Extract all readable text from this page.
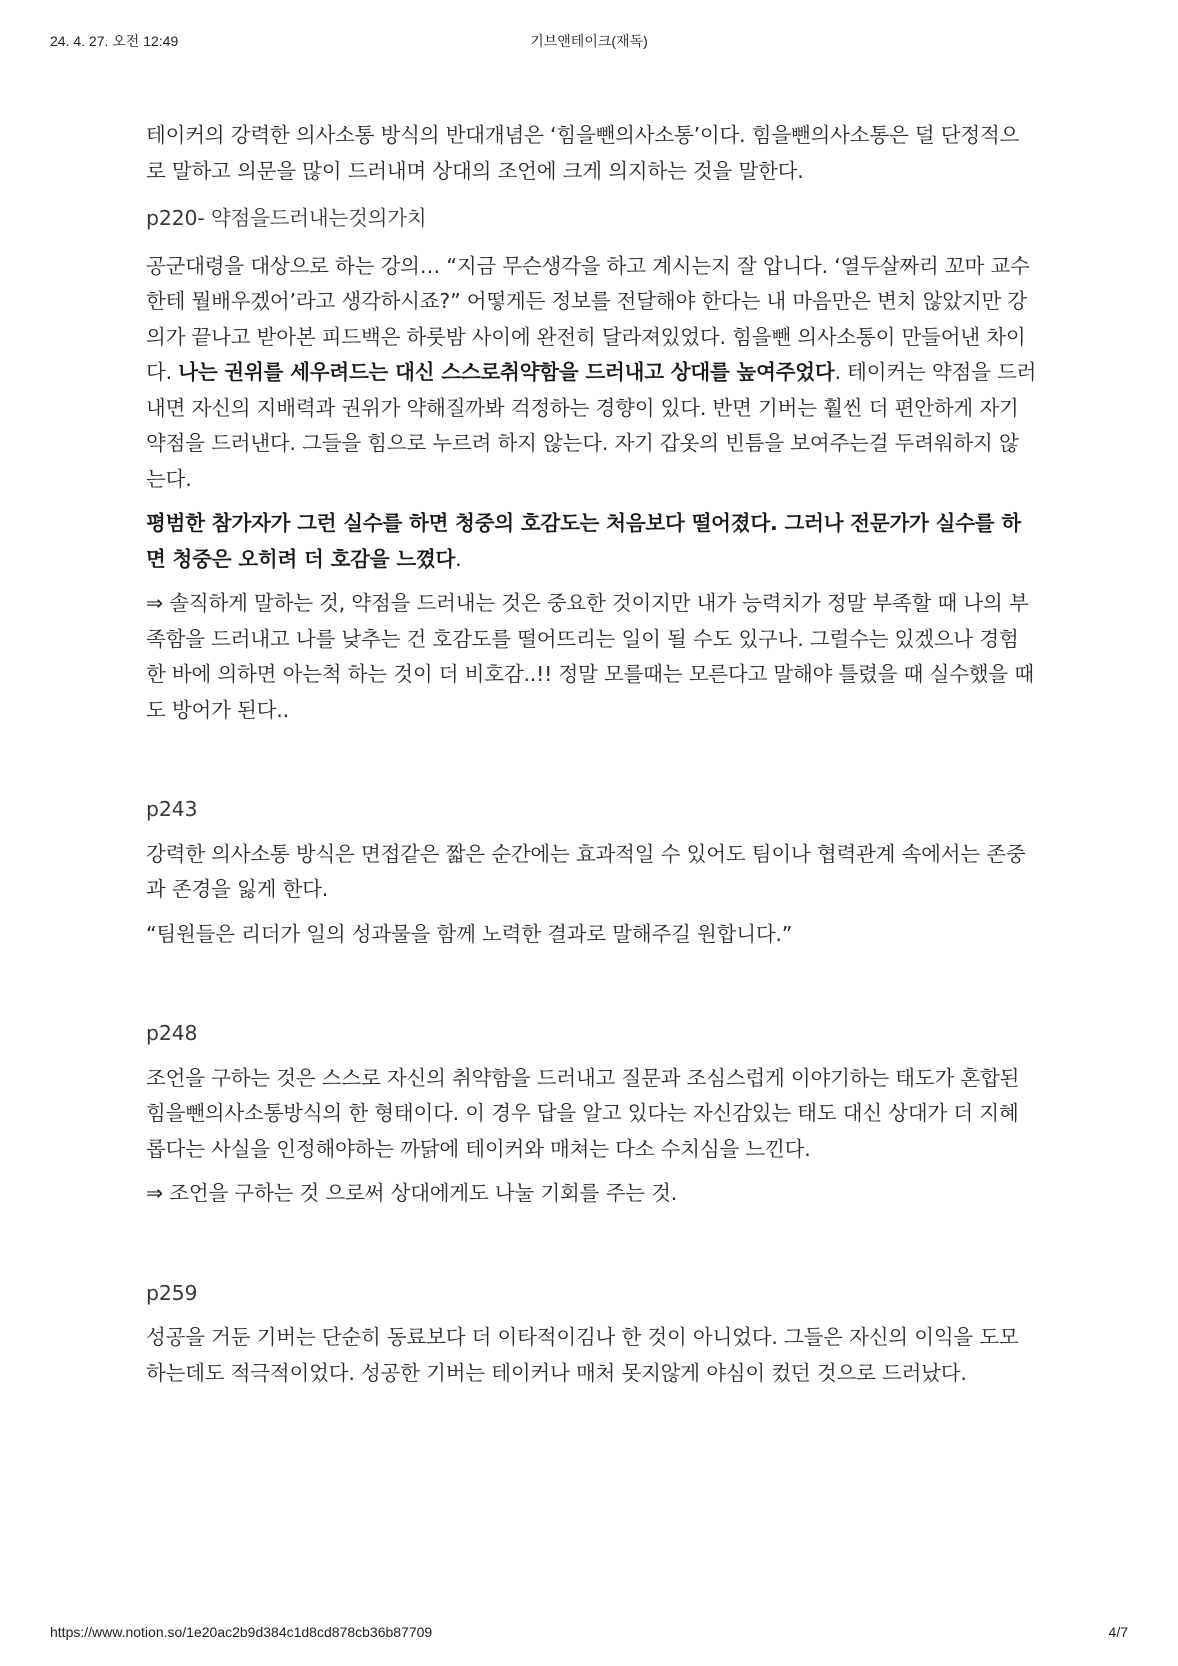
24. 4. 27. 오전 12:49	기브앤테이크(재독)

테이커의 강력한 의사소통 방식의 반대개념은 ‘힘을뺀의사소통’이다. 힘을뺀의사소통은 덜 단정적으로 말하고 의문을 많이 드러내며 상대의 조언에 크게 의지하는 것을 말한다.

p220- 약점을드러내는것의가치

공군대령을 대상으로 하는 강의… “지금 무슨생각을 하고 계시는지 잘 압니다. ‘열두살짜리 꼬마 교수한테 뭘배우겠어’라고 생각하시죠?” 어떻게든 정보를 전달해야 한다는 내 마음만은 변치 않았지만 강의가 끝나고 받아본 피드백은 하룻밤 사이에 완전히 달라져있었다. 힘을뺀 의사소통이 만들어낸 차이다. 나는 권위를 세우려드는 대신 스스로취약함을 드러내고 상대를 높여주었다. 테이커는 약점을 드러내면 자신의 지배력과 권위가 약해질까봐 걱정하는 경향이 있다. 반면 기버는 훨씬 더 편안하게 자기 약점을 드러낸다. 그들을 힘으로 누르려 하지 않는다. 자기 갑옷의 빈틈을 보여주는걸 두려워하지 않는다.

평범한 참가자가 그런 실수를 하면 청중의 호감도는 처음보다 떨어졌다. 그러나 전문가가 실수를 하면 청중은 오히려 더 호감을 느꼈다.

⇒ 솔직하게 말하는 것, 약점을 드러내는 것은 중요한 것이지만 내가 능력치가 정말 부족할 때 나의 부족함을 드러내고 나를 낮추는 건 호감도를 떨어뜨리는 일이 될 수도 있구나. 그럴수는 있겠으나 경험한 바에 의하면 아는척 하는 것이 더 비호감..!! 정말 모를때는 모른다고 말해야 틀렸을 때 실수했을 때도 방어가 된다..

p243

강력한 의사소통 방식은 면접같은 짧은 순간에는 효과적일 수 있어도 팀이나 협력관계 속에서는 존중과 존경을 잃게 한다.

“팀원들은 리더가 일의 성과물을 함께 노력한 결과로 말해주길 원합니다.”

p248

조언을 구하는 것은 스스로 자신의 취약함을 드러내고 질문과 조심스럽게 이야기하는 태도가 혼합된 힘을뺀의사소통방식의 한 형태이다. 이 경우 답을 알고 있다는 자신감있는 태도 대신 상대가 더 지혜롭다는 사실을 인정해야하는 까닭에 테이커와 매쳐는 다소 수치심을 느낀다.

⇒ 조언을 구하는 것 으로써 상대에게도 나눌 기회를 주는 것.

p259

성공을 거둔 기버는 단순히 동료보다 더 이타적이김나 한 것이 아니었다. 그들은 자신의 이익을 도모하는데도 적극적이었다. 성공한 기버는 테이커나 매처 못지않게 야심이 컸던 것으로 드러났다.

https://www.notion.so/1e20ac2b9d384c1d8cd878cb36b87709	4/7
